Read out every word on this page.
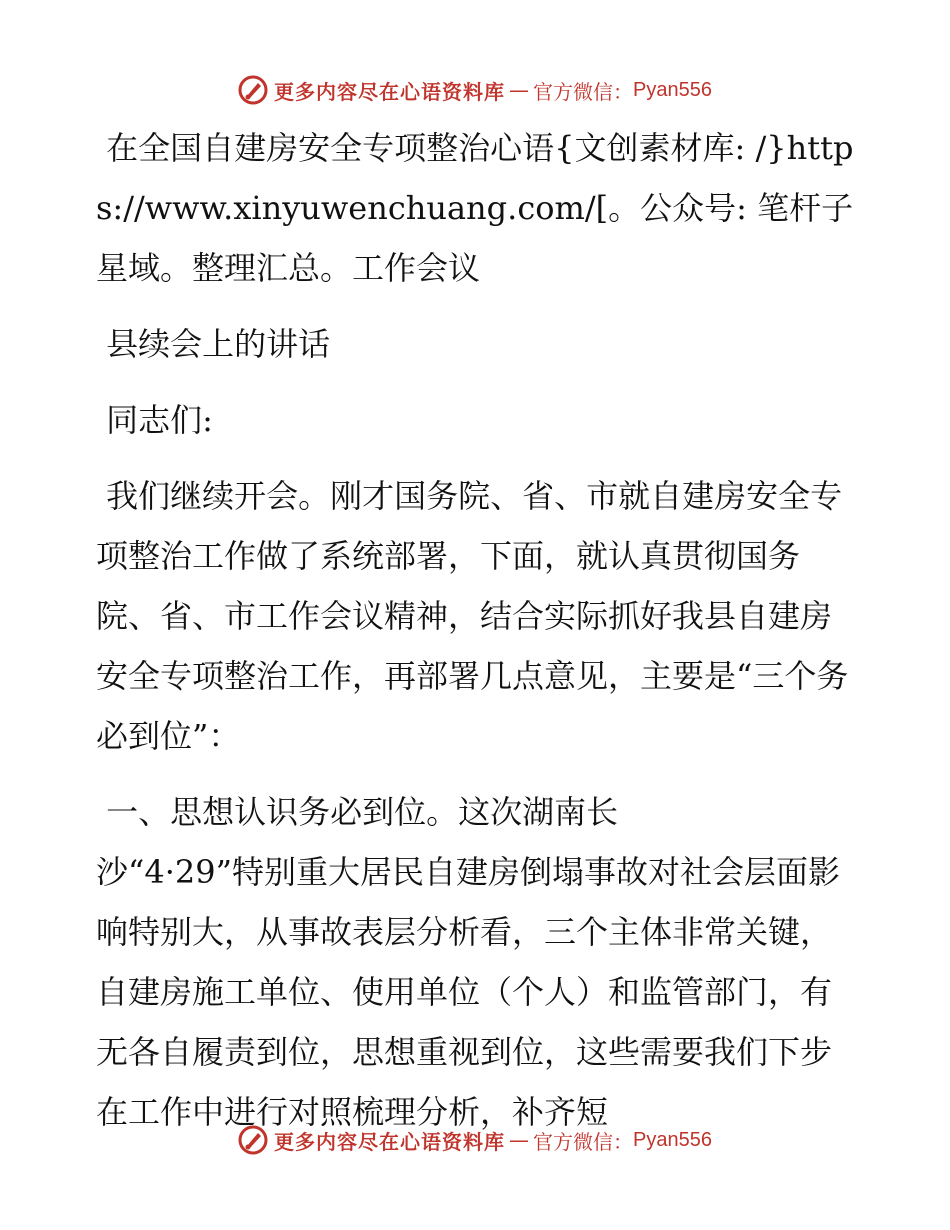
更多内容尽在心语资料库 — 官方微信： Pyan556

在全国自建房安全专项整治心语{文创素材库: /}https://www.xinyuwenchuang.com/[。公众号: 笔杆子星域。整理汇总。工作会议

县续会上的讲话

同志们:

我们继续开会。刚才国务院、省、市就自建房安全专项整治工作做了系统部署，下面，就认真贯彻国务院、省、市工作会议精神，结合实际抓好我县自建房安全专项整治工作，再部署几点意见，主要是“三个务必到位”：

一、思想认识务必到位。这次湖南长
沙“4·29”特别重大居民自建房倒塌事故对社会层面影响特别大，从事故表层分析看，三个主体非常关键，自建房施工单位、使用单位（个人）和监管部门，有无各自履责到位，思想重视到位，这些需要我们下步在工作中进行对照梳理分析，补齐短

更多内容尽在心语资料库 — 官方微信： Pyan556
